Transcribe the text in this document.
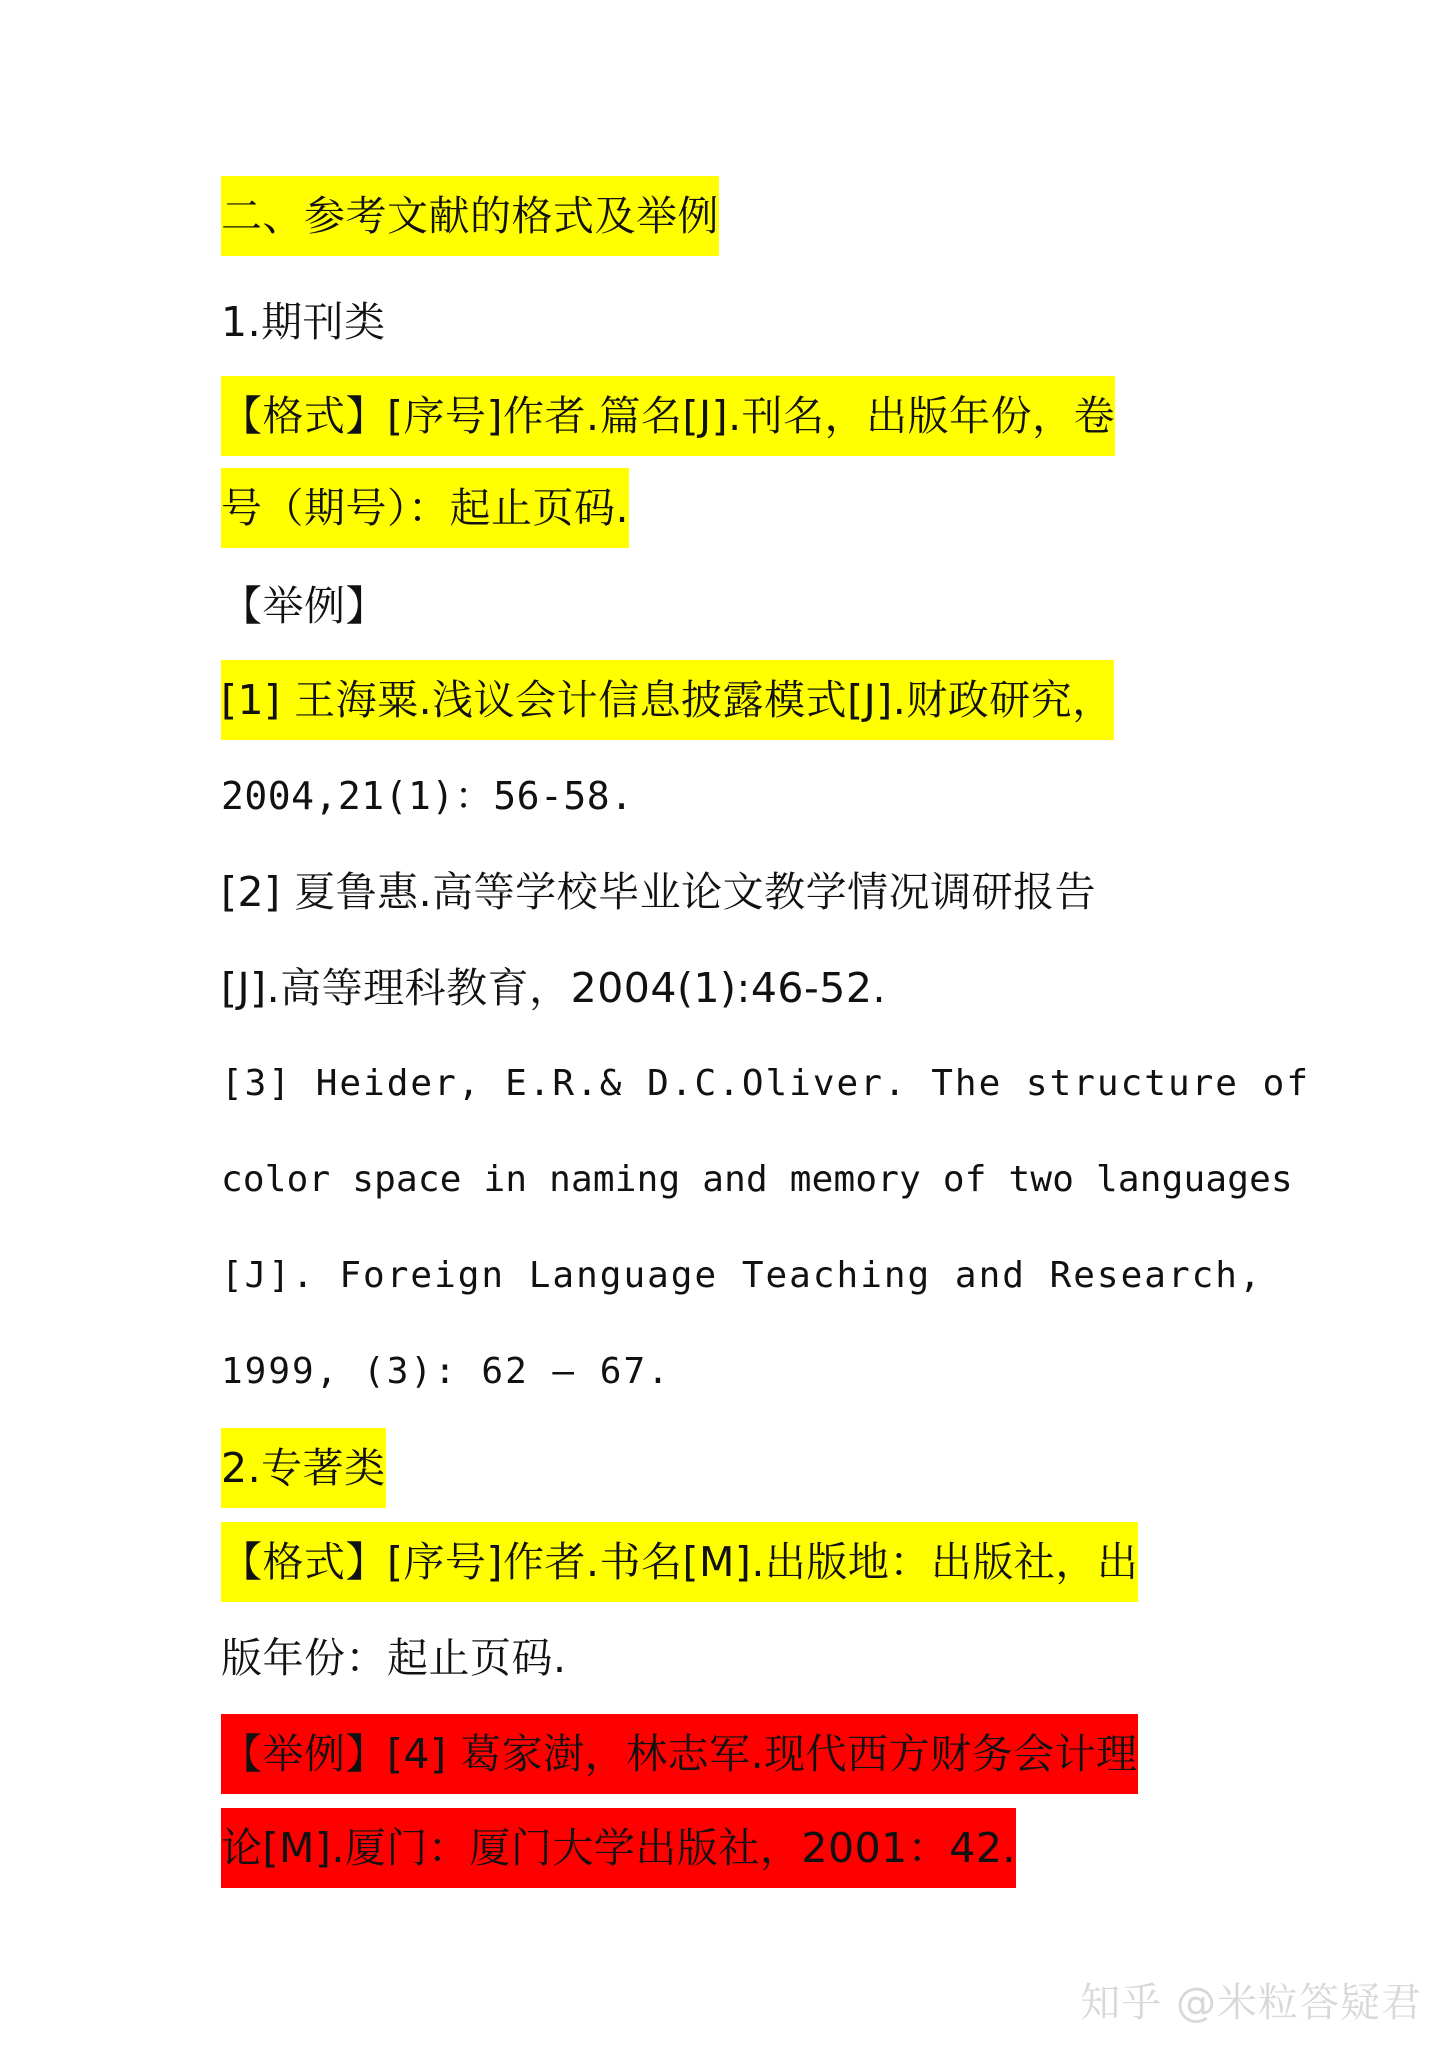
二、参考文献的格式及举例
1.期刊类
【格式】[序号]作者.篇名[J].刊名，出版年份，卷
号（期号）：起止页码.
【举例】
[1] 王海粟.浅议会计信息披露模式[J].财政研究，
2004,21(1)：56-58.
[2] 夏鲁惠.高等学校毕业论文教学情况调研报告
[J].高等理科教育，2004(1):46-52.
[3] Heider, E.R.& D.C.Oliver. The structure of
color space in naming and memory of two languages
[J]. Foreign Language Teaching and Research,
1999, (3): 62 – 67.
2.专著类
【格式】[序号]作者.书名[M].出版地：出版社，出
版年份：起止页码.
【举例】[4] 葛家澍，林志军.现代西方财务会计理
论[M].厦门：厦门大学出版社，2001：42.
知乎 @米粒答疑君
